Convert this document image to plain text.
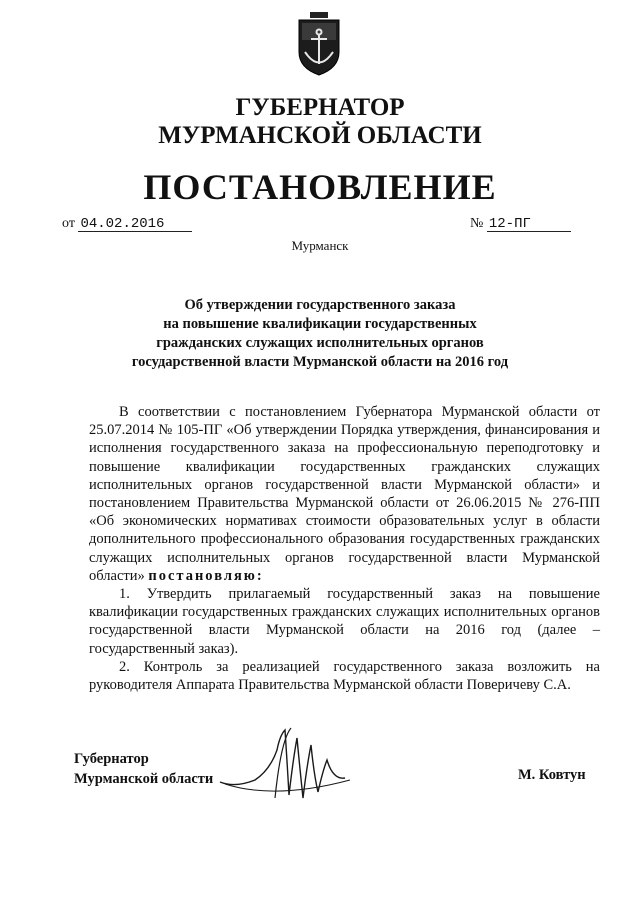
ГУБЕРНАТОР
МУРМАНСКОЙ ОБЛАСТИ
ПОСТАНОВЛЕНИЕ
от 04.02.2016	№ 12-ПГ
Мурманск
Об утверждении государственного заказа
на повышение квалификации государственных
гражданских служащих исполнительных органов
государственной власти Мурманской области на 2016 год

В соответствии с постановлением Губернатора Мурманской области от 25.07.2014 № 105-ПГ «Об утверждении Порядка утверждения, финансирования и исполнения государственного заказа на профессиональную переподготовку и повышение квалификации государственных гражданских служащих исполнительных органов государственной власти Мурманской области» и постановлением Правительства Мурманской области от 26.06.2015 № 276-ПП «Об экономических нормативах стоимости образовательных услуг в области дополнительного профессионального образования государственных гражданских служащих исполнительных органов государственной власти Мурманской области» постановляю:

1. Утвердить прилагаемый государственный заказ на повышение квалификации государственных гражданских служащих исполнительных органов государственной власти Мурманской области на 2016 год (далее – государственный заказ).

2. Контроль за реализацией государственного заказа возложить на руководителя Аппарата Правительства Мурманской области Поверичеву С.А.

Губернатор
Мурманской области	М. Ковтун
